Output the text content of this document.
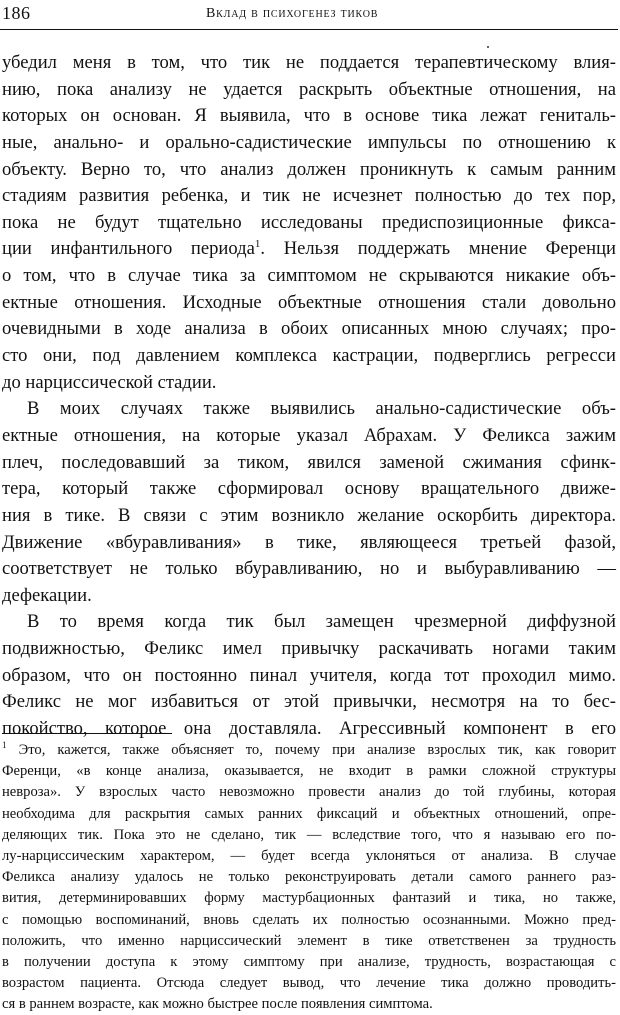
186	Вклад в психогенез тиков
убедил меня в том, что тик не поддается терапевтическому влия-
нию, пока анализу не удается раскрыть объектные отношения, на
которых он основан. Я выявила, что в основе тика лежат гениталь-
ные, анально- и орально-садистические импульсы по отношению к
объекту. Верно то, что анализ должен проникнуть к самым ранним
стадиям развития ребенка, и тик не исчезнет полностью до тех пор,
пока не будут тщательно исследованы предиспозиционные фикса-
ции инфантильного периода$^1$. Нельзя поддержать мнение Ференци
о том, что в случае тика за симптомом не скрываются никакие объ-
ектные отношения. Исходные объектные отношения стали довольно
очевидными в ходе анализа в обоих описанных мною случаях; про-
сто они, под давлением комплекса кастрации, подверглись регресси
до нарциссической стадии.
В моих случаях также выявились анально-садистические объ-
ектные отношения, на которые указал Абрахам. У Феликса зажим
плеч, последовавший за тиком, явился заменой сжимания сфинк-
тера, который также сформировал основу вращательного движе-
ния в тике. В связи с этим возникло желание оскорбить директора.
Движение «вбуравливания» в тике, являющееся третьей фазой,
соответствует не только вбуравливанию, но и выбуравливанию —
дефекации.
В то время когда тик был замещен чрезмерной диффузной
подвижностью, Феликс имел привычку раскачивать ногами таким
образом, что он постоянно пинал учителя, когда тот проходил мимо.
Феликс не мог избавиться от этой привычки, несмотря на то бес-
покойство, которое она доставляла. Агрессивный компонент в его
$^1$ Это, кажется, также объясняет то, почему при анализе взрослых тик, как говорит
Ференци, «в конце анализа, оказывается, не входит в рамки сложной структуры
невроза». У взрослых часто невозможно провести анализ до той глубины, которая
необходима для раскрытия самых ранних фиксаций и объектных отношений, опре-
деляющих тик. Пока это не сделано, тик — вследствие того, что я называю его по-
лу-нарциссическим характером, — будет всегда уклоняться от анализа. В случае
Феликса анализу удалось не только реконструировать детали самого раннего раз-
вития, детерминировавших форму мастурбационных фантазий и тика, но также,
с помощью воспоминаний, вновь сделать их полностью осознанными. Можно пред-
положить, что именно нарциссический элемент в тике ответственен за трудность
в получении доступа к этому симптому при анализе, трудность, возрастающая с
возрастом пациента. Отсюда следует вывод, что лечение тика должно проводить-
ся в раннем возрасте, как можно быстрее после появления симптома.
